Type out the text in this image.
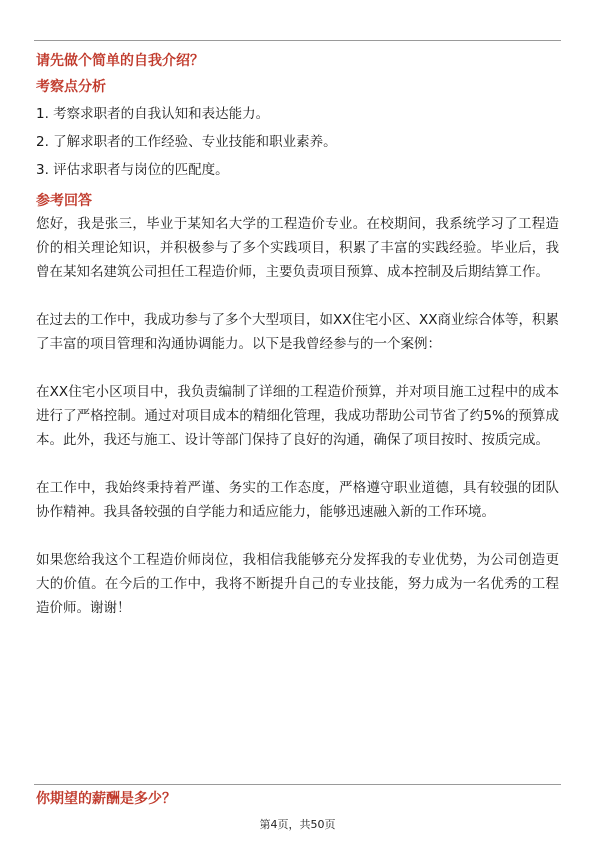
请先做个简单的自我介绍？
考察点分析
1. 考察求职者的自我认知和表达能力。
2. 了解求职者的工作经验、专业技能和职业素养。
3. 评估求职者与岗位的匹配度。
参考回答

您好，我是张三，毕业于某知名大学的工程造价专业。在校期间，我系统学习了工程造价的相关理论知识，并积极参与了多个实践项目，积累了丰富的实践经验。毕业后，我曾在某知名建筑公司担任工程造价师，主要负责项目预算、成本控制及后期结算工作。

在过去的工作中，我成功参与了多个大型项目，如XX住宅小区、XX商业综合体等，积累了丰富的项目管理和沟通协调能力。以下是我曾经参与的一个案例：

在XX住宅小区项目中，我负责编制了详细的工程造价预算，并对项目施工过程中的成本进行了严格控制。通过对项目成本的精细化管理，我成功帮助公司节省了约5%的预算成本。此外，我还与施工、设计等部门保持了良好的沟通，确保了项目按时、按质完成。

在工作中，我始终秉持着严谨、务实的工作态度，严格遵守职业道德，具有较强的团队协作精神。我具备较强的自学能力和适应能力，能够迅速融入新的工作环境。

如果您给我这个工程造价师岗位，我相信我能够充分发挥我的专业优势，为公司创造更大的价值。在今后的工作中，我将不断提升自己的专业技能，努力成为一名优秀的工程造价师。谢谢！

你期望的薪酬是多少？
第4页，共50页
